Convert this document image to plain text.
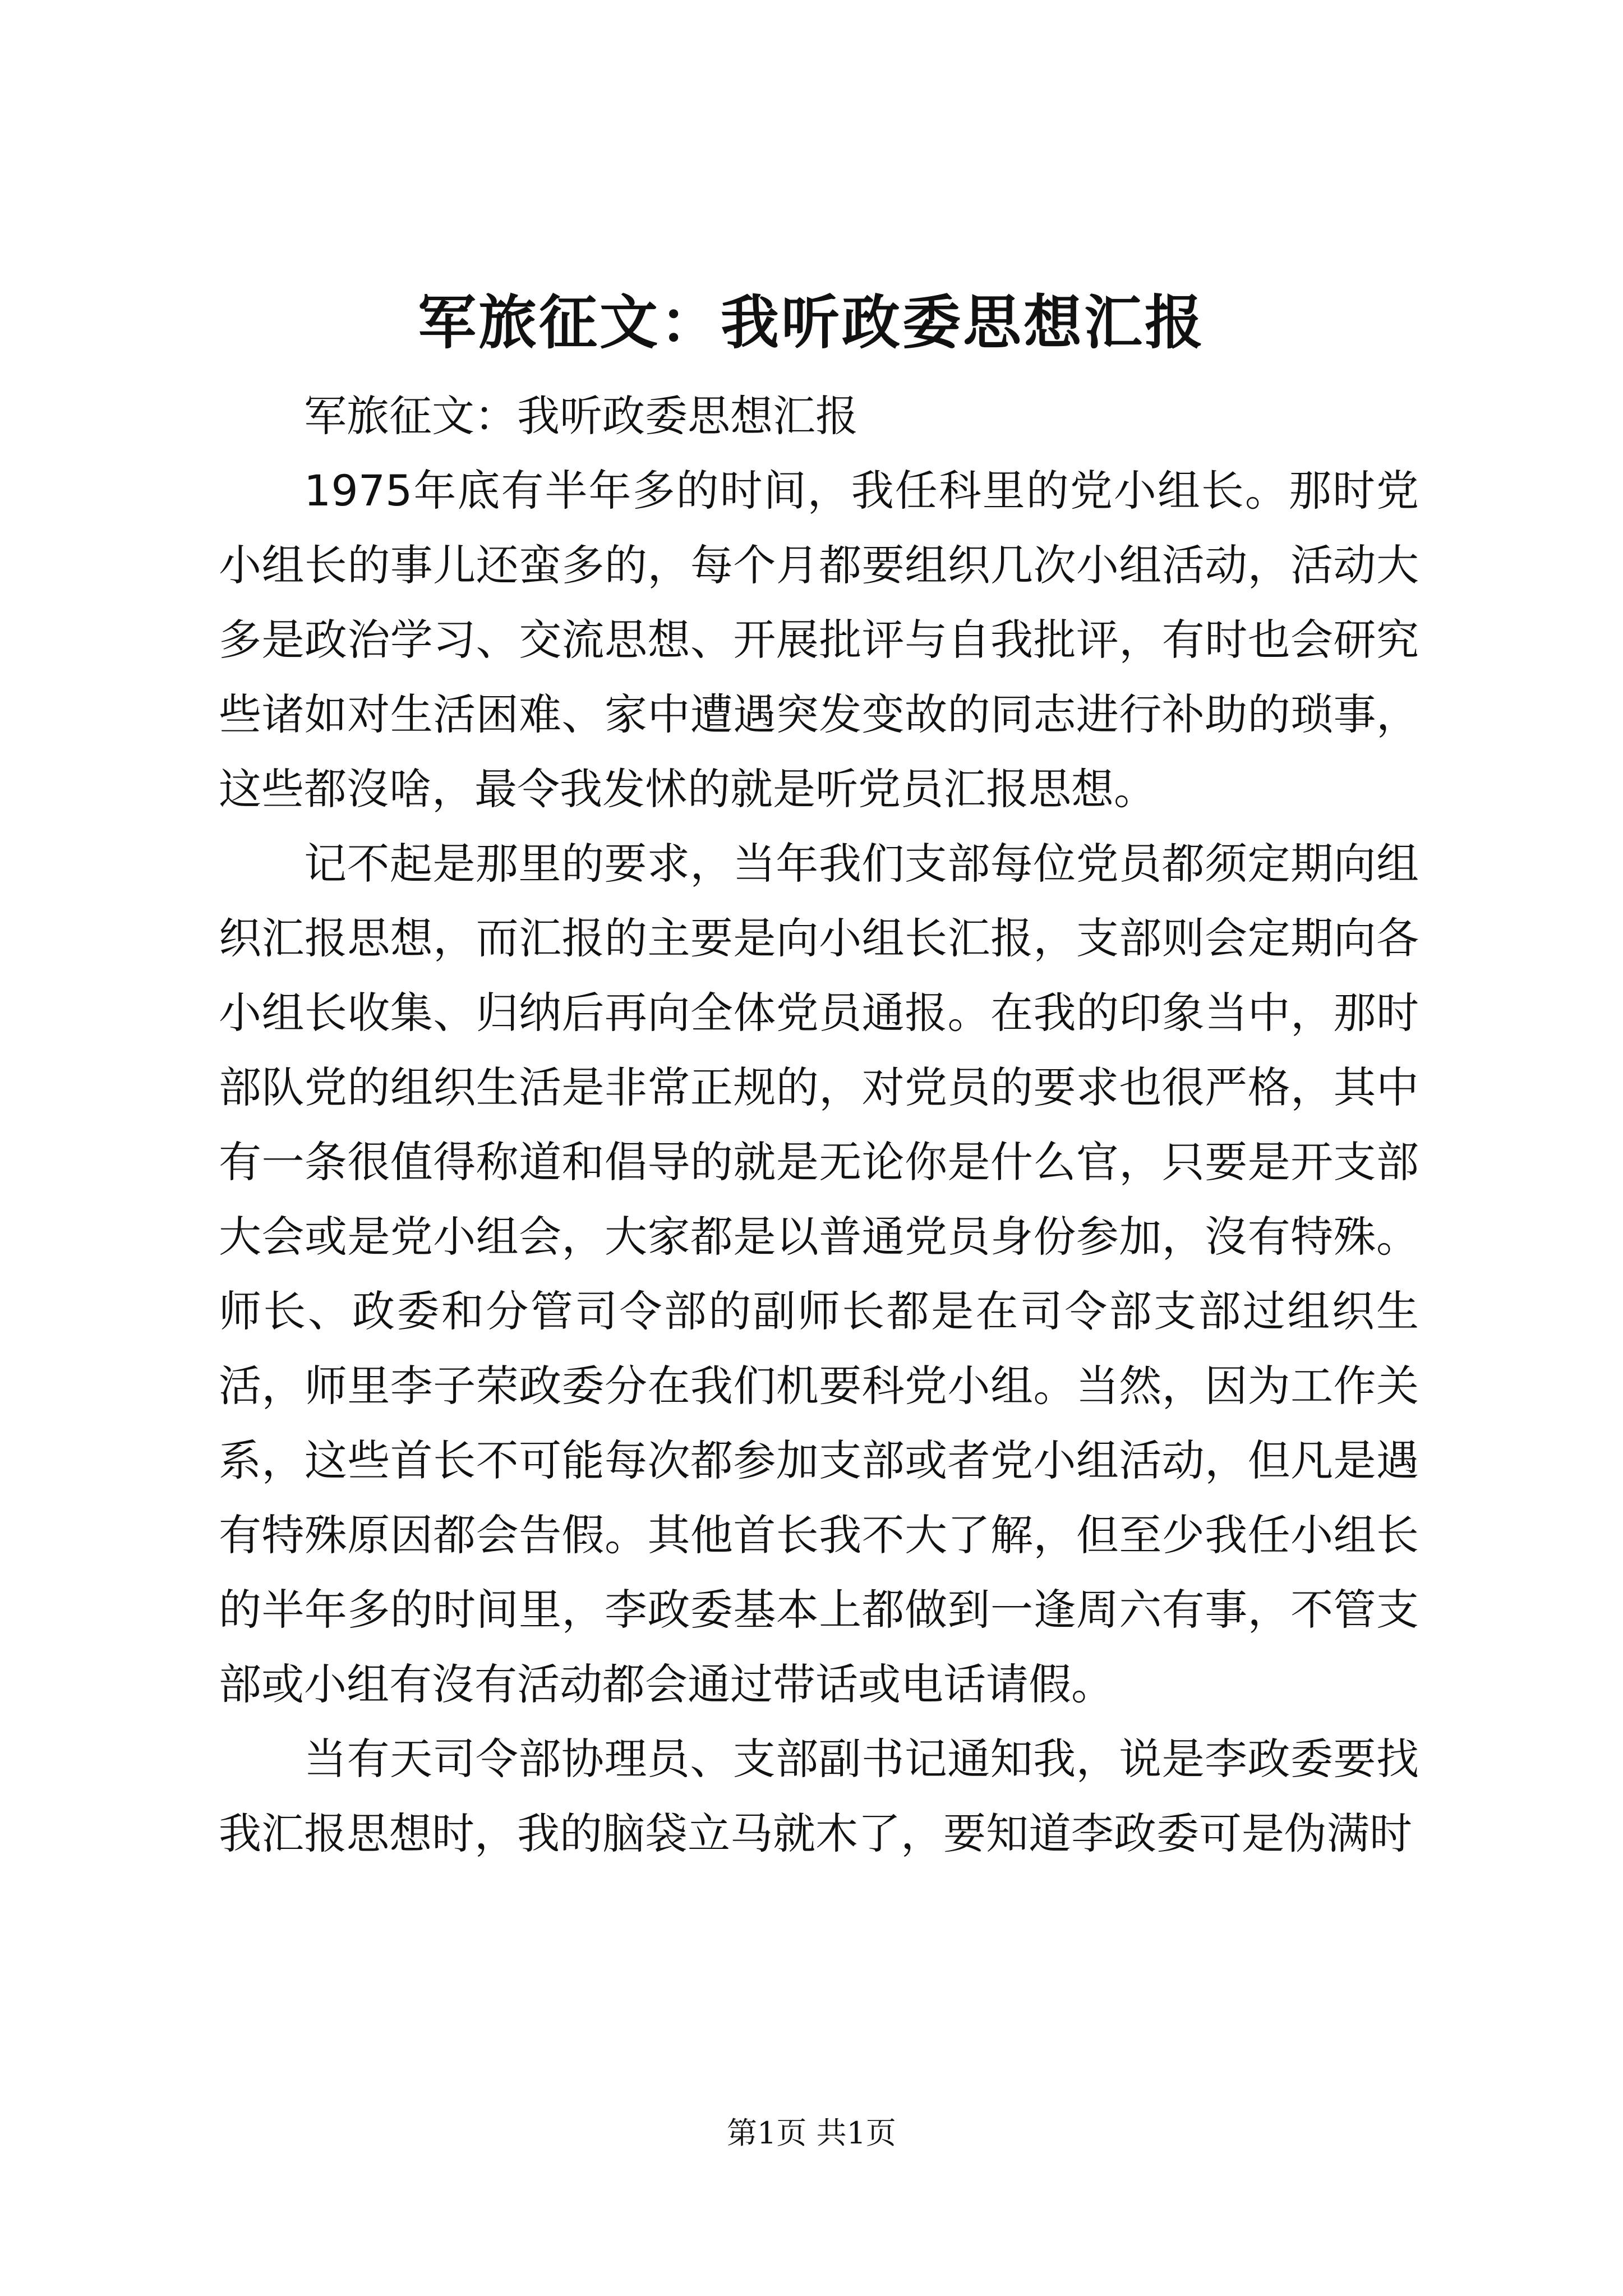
军旅征文：我听政委思想汇报

军旅征文：我听政委思想汇报

1975年底有半年多的时间，我任科里的党小组长。那时党小组长的事儿还蛮多的，每个月都要组织几次小组活动，活动大多是政治学习、交流思想、开展批评与自我批评，有时也会研究些诸如对生活困难、家中遭遇突发变故的同志进行补助的琐事，这些都沒啥，最令我发怵的就是听党员汇报思想。

记不起是那里的要求，当年我们支部每位党员都须定期向组织汇报思想，而汇报的主要是向小组长汇报，支部则会定期向各小组长收集、归纳后再向全体党员通报。在我的印象当中，那时部队党的组织生活是非常正规的，对党员的要求也很严格，其中有一条很值得称道和倡导的就是无论你是什么官，只要是开支部大会或是党小组会，大家都是以普通党员身份参加，沒有特殊。师长、政委和分管司令部的副师长都是在司令部支部过组织生活，师里李子荣政委分在我们机要科党小组。当然，因为工作关系，这些首长不可能每次都参加支部或者党小组活动，但凡是遇有特殊原因都会告假。其他首长我不大了解，但至少我任小组长的半年多的时间里，李政委基本上都做到一逢周六有事，不管支部或小组有沒有活动都会通过带话或电话请假。

当有天司令部协理员、支部副书记通知我，说是李政委要找我汇报思想时，我的脑袋立马就木了，要知道李政委可是伪满时

第1页 共1页
